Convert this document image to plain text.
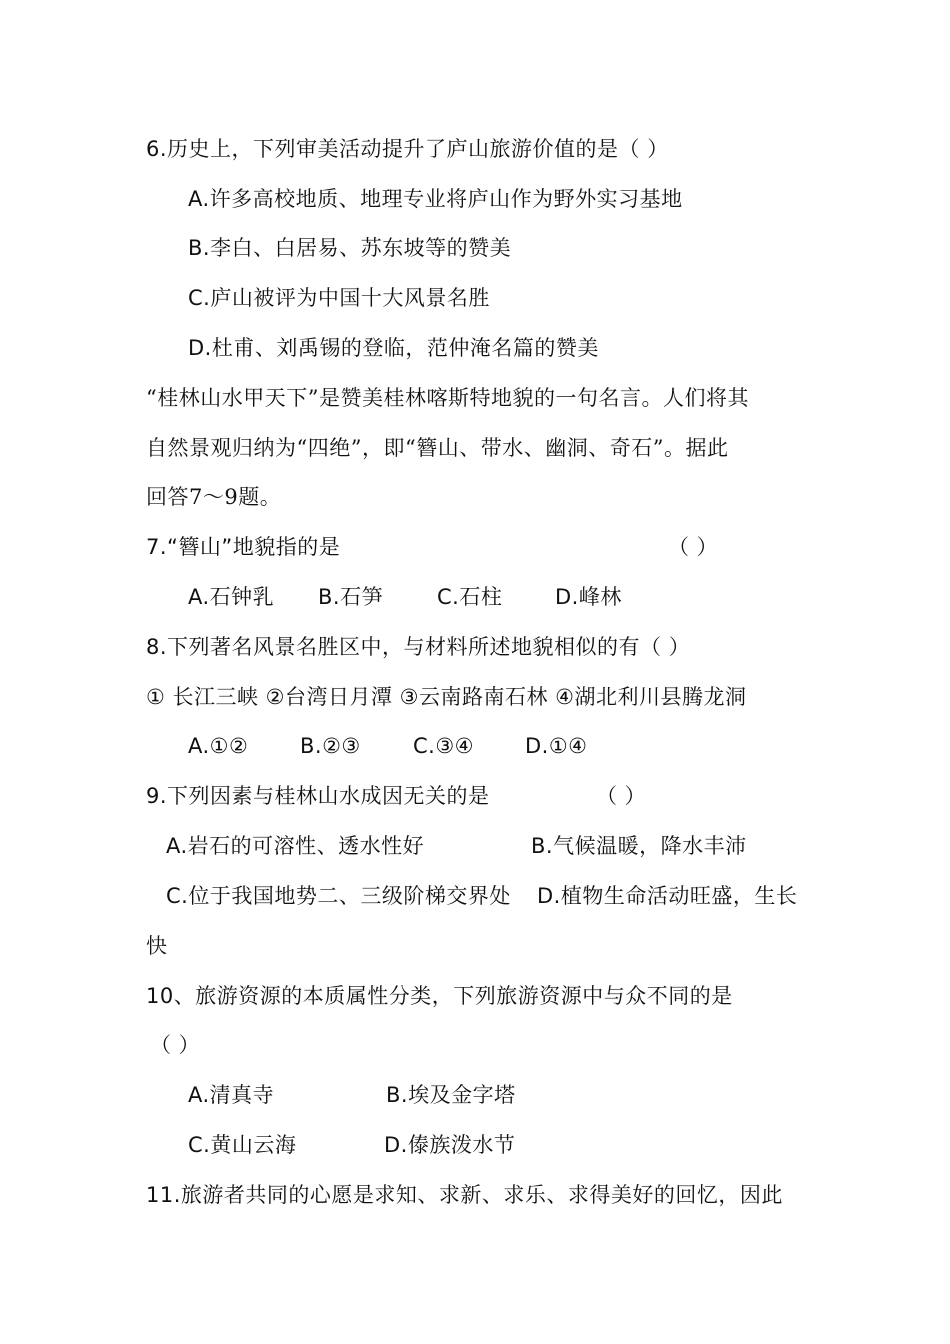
6.历史上，下列审美活动提升了庐山旅游价值的是（ ）
A.许多高校地质、地理专业将庐山作为野外实习基地
B.李白、白居易、苏东坡等的赞美
C.庐山被评为中国十大风景名胜
D.杜甫、刘禹锡的登临，范仲淹名篇的赞美
“桂林山水甲天下”是赞美桂林喀斯特地貌的一句名言。人们将其
自然景观归纳为“四绝”，即“簪山、带水、幽洞、奇石”。据此
回答7～9题。
7.“簪山”地貌指的是	（ ）
A.石钟乳 B.石笋	C.石柱	D.峰林
8.下列著名风景名胜区中，与材料所述地貌相似的有（ ）
① 长江三峡 ②台湾日月潭 ③云南路南石林 ④湖北利川县腾龙洞
A.①② B.②③ C.③④ D.①④
9.下列因素与桂林山水成因无关的是	（ ）
A.岩石的可溶性、透水性好	B.气候温暖，降水丰沛
C.位于我国地势二、三级阶梯交界处 D.植物生命活动旺盛，生长
快
10、旅游资源的本质属性分类，下列旅游资源中与众不同的是
（ ）
A.清真寺	B.埃及金字塔
C.黄山云海	D.傣族泼水节
11.旅游者共同的心愿是求知、求新、求乐、求得美好的回忆，因此
